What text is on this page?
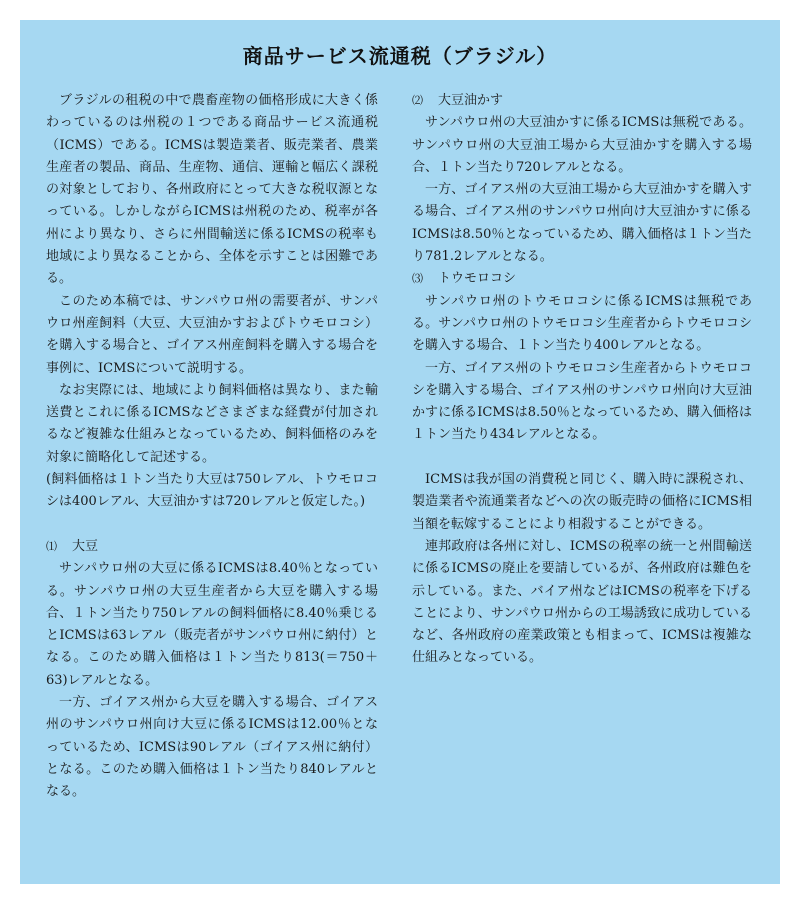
商品サービス流通税（ブラジル）

ブラジルの租税の中で農畜産物の価格形成に大きく係わっているのは州税の１つである商品サービス流通税（ICMS）である。ICMSは製造業者、販売業者、農業生産者の製品、商品、生産物、通信、運輸と幅広く課税の対象としており、各州政府にとって大きな税収源となっている。しかしながらICMSは州税のため、税率が各州により異なり、さらに州間輸送に係るICMSの税率も地域により異なることから、全体を示すことは困難である。

このため本稿では、サンパウロ州の需要者が、サンパウロ州産飼料（大豆、大豆油かすおよびトウモロコシ）を購入する場合と、ゴイアス州産飼料を購入する場合を事例に、ICMSについて説明する。

なお実際には、地域により飼料価格は異なり、また輸送費とこれに係るICMSなどさまざまな経費が付加されるなど複雑な仕組みとなっているため、飼料価格のみを対象に簡略化して記述する。

(飼料価格は１トン当たり大豆は750レアル、トウモロコシは400レアル、大豆油かすは720レアルと仮定した。)

⑴ 大豆

サンパウロ州の大豆に係るICMSは8.40％となっている。サンパウロ州の大豆生産者から大豆を購入する場合、１トン当たり750レアルの飼料価格に8.40％乗じるとICMSは63レアル（販売者がサンパウロ州に納付）となる。このため購入価格は１トン当たり813(＝750＋63)レアルとなる。

一方、ゴイアス州から大豆を購入する場合、ゴイアス州のサンパウロ州向け大豆に係るICMSは12.00％となっているため、ICMSは90レアル（ゴイアス州に納付）となる。このため購入価格は１トン当たり840レアルとなる。

⑵ 大豆油かす

サンパウロ州の大豆油かすに係るICMSは無税である。サンパウロ州の大豆油工場から大豆油かすを購入する場合、１トン当たり720レアルとなる。

一方、ゴイアス州の大豆油工場から大豆油かすを購入する場合、ゴイアス州のサンパウロ州向け大豆油かすに係るICMSは8.50％となっているため、購入価格は１トン当たり781.2レアルとなる。

⑶ トウモロコシ

サンパウロ州のトウモロコシに係るICMSは無税である。サンパウロ州のトウモロコシ生産者からトウモロコシを購入する場合、１トン当たり400レアルとなる。

一方、ゴイアス州のトウモロコシ生産者からトウモロコシを購入する場合、ゴイアス州のサンパウロ州向け大豆油かすに係るICMSは8.50％となっているため、購入価格は１トン当たり434レアルとなる。

ICMSは我が国の消費税と同じく、購入時に課税され、製造業者や流通業者などへの次の販売時の価格にICMS相当額を転嫁することにより相殺することができる。

連邦政府は各州に対し、ICMSの税率の統一と州間輸送に係るICMSの廃止を要請しているが、各州政府は難色を示している。また、バイア州などはICMSの税率を下げることにより、サンパウロ州からの工場誘致に成功しているなど、各州政府の産業政策とも相まって、ICMSは複雑な仕組みとなっている。
